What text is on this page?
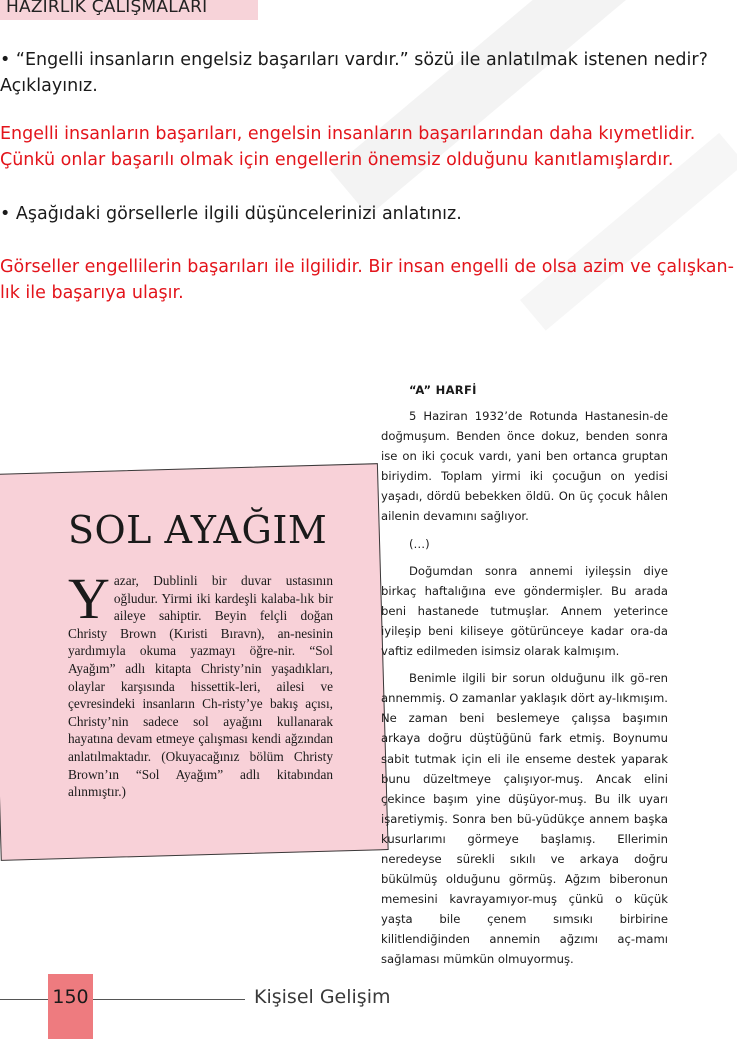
HAZIRLIK ÇALIŞMALARI

• “Engelli insanların engelsiz başarıları vardır.” sözü ile anlatılmak istenen nedir? Açıklayınız.

Engelli insanların başarıları, engelsin insanların başarılarından daha kıymetlidir. Çünkü onlar başarılı olmak için engellerin önemsiz olduğunu kanıtlamışlardır.

• Aşağıdaki görsellerle ilgili düşüncelerinizi anlatınız.

Görseller engellilerin başarıları ile ilgilidir. Bir insan engelli de olsa azim ve çalışkan-lık ile başarıya ulaşır.

SOL AYAĞIM

Yazar, Dublinli bir duvar ustasının oğludur. Yirmi iki kardeşli kalaba-lık bir aileye sahiptir. Beyin felçli doğan Christy Brown (Kıristi Bıravn), an-nesinin yardımıyla okuma yazmayı öğre-nir. “Sol Ayağım” adlı kitapta Christy’nin yaşadıkları, olaylar karşısında hissettik-leri, ailesi ve çevresindeki insanların Ch-risty’ye bakış açısı, Christy’nin sadece sol ayağını kullanarak hayatına devam etmeye çalışması kendi ağzından anlatılmaktadır. (Okuyacağınız bölüm Christy Brown’ın “Sol Ayağım” adlı kitabından alınmıştır.)

“A” HARFİ

5 Haziran 1932’de Rotunda Hastanesin-de doğmuşum. Benden önce dokuz, benden sonra ise on iki çocuk vardı, yani ben ortanca gruptan biriydim. Toplam yirmi iki çocuğun on yedisi yaşadı, dördü bebekken öldü. On üç çocuk hâlen ailenin devamını sağlıyor.

(…)

Doğumdan sonra annemi iyileşsin diye birkaç haftalığına eve göndermişler. Bu arada beni hastanede tutmuşlar. Annem yeterince iyileşip beni kiliseye götürünceye kadar ora-da vaftiz edilmeden isimsiz olarak kalmışım.

Benimle ilgili bir sorun olduğunu ilk gö-ren annemmiş. O zamanlar yaklaşık dört ay-lıkmışım. Ne zaman beni beslemeye çalışsa başımın arkaya doğru düştüğünü fark etmiş. Boynumu sabit tutmak için eli ile enseme destek yaparak bunu düzeltmeye çalışıyor-muş. Ancak elini çekince başım yine düşüyor-muş. Bu ilk uyarı işaretiymiş. Sonra ben bü-yüdükçe annem başka kusurlarımı görmeye başlamış. Ellerimin neredeyse sürekli sıkılı ve arkaya doğru bükülmüş olduğunu görmüş. Ağzım biberonun memesini kavrayamıyor-muş çünkü o küçük yaşta bile çenem sımsıkı birbirine kilitlendiğinden annemin ağzımı aç-mamı sağlaması mümkün olmuyormuş.

150	Kişisel Gelişim
